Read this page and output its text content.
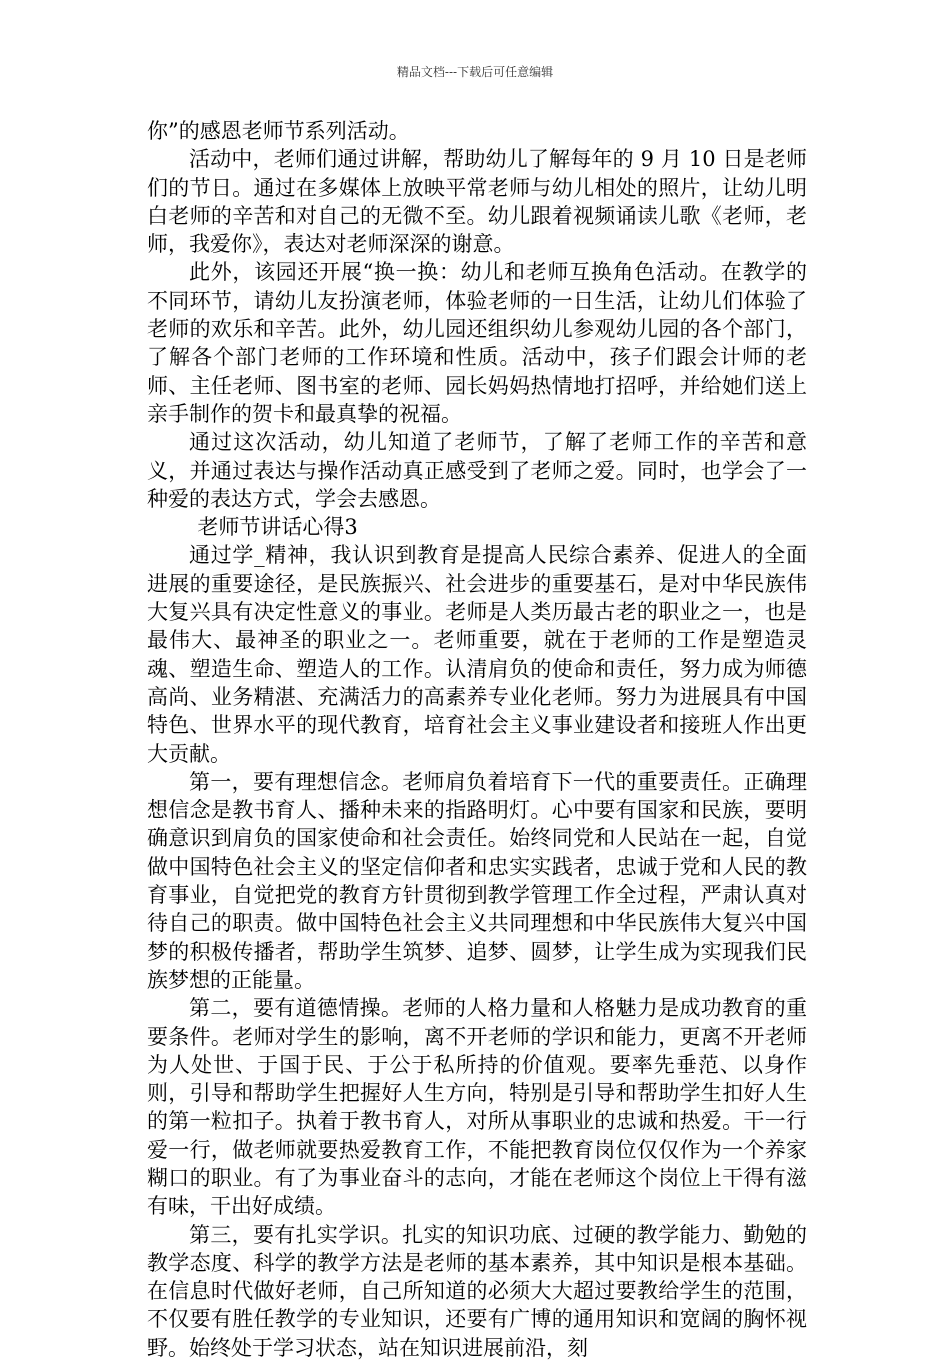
精品文档---下载后可任意编辑

你”的感恩老师节系列活动。

活动中，老师们通过讲解，帮助幼儿了解每年的 9 月 10 日是老师们的节日。通过在多媒体上放映平常老师与幼儿相处的照片，让幼儿明白老师的辛苦和对自己的无微不至。幼儿跟着视频诵读儿歌《老师，老师，我爱你》，表达对老师深深的谢意。

此外，该园还开展“换一换：幼儿和老师互换角色活动。在教学的不同环节，请幼儿友扮演老师，体验老师的一日生活，让幼儿们体验了老师的欢乐和辛苦。此外，幼儿园还组织幼儿参观幼儿园的各个部门，了解各个部门老师的工作环境和性质。活动中，孩子们跟会计师的老师、主任老师、图书室的老师、园长妈妈热情地打招呼，并给她们送上亲手制作的贺卡和最真挚的祝福。

通过这次活动，幼儿知道了老师节，了解了老师工作的辛苦和意义，并通过表达与操作活动真正感受到了老师之爱。同时，也学会了一种爱的表达方式，学会去感恩。

老师节讲话心得3

通过学_精神，我认识到教育是提高人民综合素养、促进人的全面进展的重要途径，是民族振兴、社会进步的重要基石，是对中华民族伟大复兴具有决定性意义的事业。老师是人类历最古老的职业之一，也是最伟大、最神圣的职业之一。老师重要，就在于老师的工作是塑造灵魂、塑造生命、塑造人的工作。认清肩负的使命和责任，努力成为师德高尚、业务精湛、充满活力的高素养专业化老师。努力为进展具有中国特色、世界水平的现代教育，培育社会主义事业建设者和接班人作出更大贡献。

第一，要有理想信念。老师肩负着培育下一代的重要责任。正确理想信念是教书育人、播种未来的指路明灯。心中要有国家和民族，要明确意识到肩负的国家使命和社会责任。始终同党和人民站在一起，自觉做中国特色社会主义的坚定信仰者和忠实实践者，忠诚于党和人民的教育事业，自觉把党的教育方针贯彻到教学管理工作全过程，严肃认真对待自己的职责。做中国特色社会主义共同理想和中华民族伟大复兴中国梦的积极传播者，帮助学生筑梦、追梦、圆梦，让学生成为实现我们民族梦想的正能量。

第二，要有道德情操。老师的人格力量和人格魅力是成功教育的重要条件。老师对学生的影响，离不开老师的学识和能力，更离不开老师为人处世、于国于民、于公于私所持的价值观。要率先垂范、以身作则，引导和帮助学生把握好人生方向，特别是引导和帮助学生扣好人生的第一粒扣子。执着于教书育人，对所从事职业的忠诚和热爱。干一行爱一行，做老师就要热爱教育工作，不能把教育岗位仅仅作为一个养家糊口的职业。有了为事业奋斗的志向，才能在老师这个岗位上干得有滋有味，干出好成绩。

第三，要有扎实学识。扎实的知识功底、过硬的教学能力、勤勉的教学态度、科学的教学方法是老师的基本素养，其中知识是根本基础。在信息时代做好老师，自己所知道的必须大大超过要教给学生的范围，不仅要有胜任教学的专业知识，还要有广博的通用知识和宽阔的胸怀视野。始终处于学习状态，站在知识进展前沿，刻
